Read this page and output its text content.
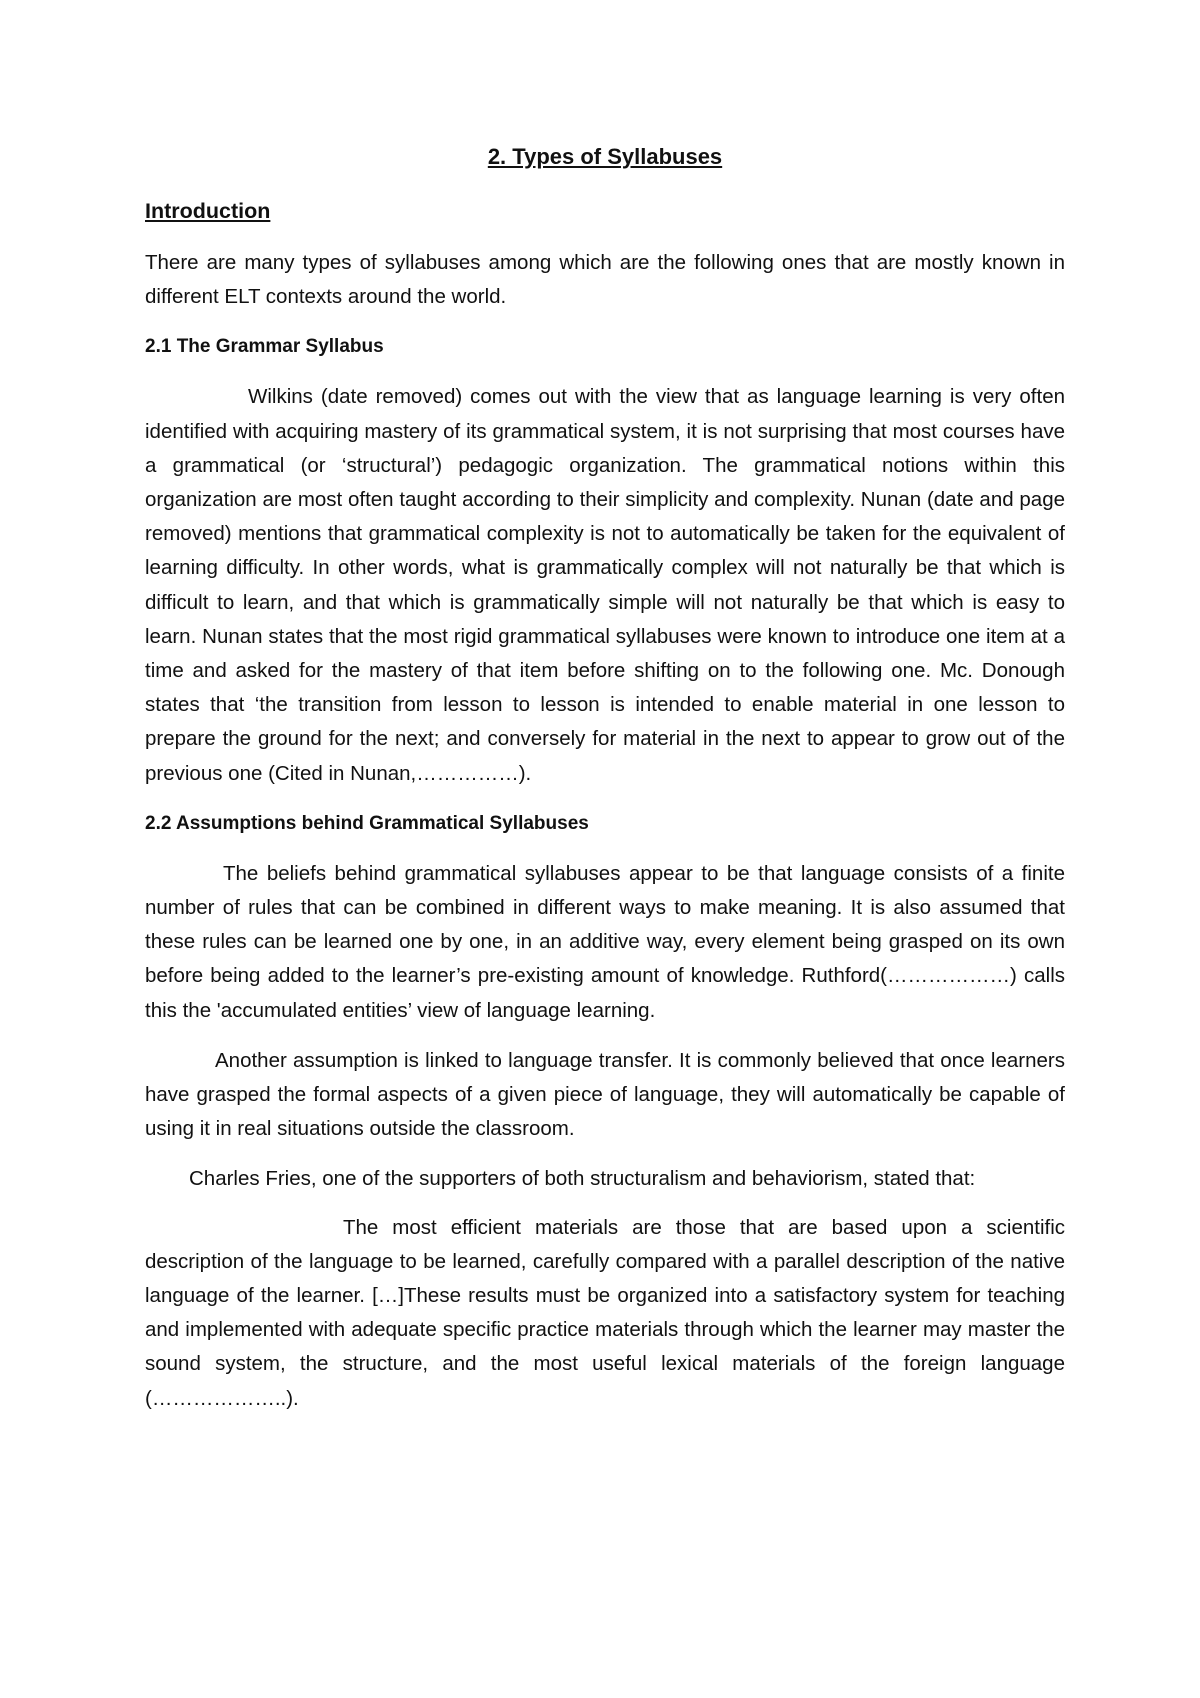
2. Types of Syllabuses
Introduction

There are many types of syllabuses among which are the following ones that are mostly known in different ELT contexts around the world.

2.1 The Grammar Syllabus

Wilkins (date removed) comes out with the view that as language learning is very often identified with acquiring mastery of its grammatical system, it is not surprising that most courses have a grammatical (or ‘structural’) pedagogic organization. The grammatical notions within this organization are most often taught according to their simplicity and complexity. Nunan (date and page removed) mentions that grammatical complexity is not to automatically be taken for the equivalent of learning difficulty. In other words, what is grammatically complex will not naturally be that which is difficult to learn, and that which is grammatically simple will not naturally be that which is easy to learn. Nunan states that the most rigid grammatical syllabuses were known to introduce one item at a time and asked for the mastery of that item before shifting on to the following one. Mc. Donough states that ‘the transition from lesson to lesson is intended to enable material in one lesson to prepare the ground for the next; and conversely for material in the next to appear to grow out of the previous one (Cited in Nunan,……………).

2.2 Assumptions behind Grammatical Syllabuses

The beliefs behind grammatical syllabuses appear to be that language consists of a finite number of rules that can be combined in different ways to make meaning. It is also assumed that these rules can be learned one by one, in an additive way, every element being grasped on its own before being added to the learner’s pre-existing amount of knowledge. Ruthford(………………) calls this the 'accumulated entities’ view of language learning.

Another assumption is linked to language transfer. It is commonly believed that once learners have grasped the formal aspects of a given piece of language, they will automatically be capable of using it in real situations outside the classroom.

Charles Fries, one of the supporters of both structuralism and behaviorism, stated that:

The most efficient materials are those that are based upon a scientific description of the language to be learned, carefully compared with a parallel description of the native language of the learner. […]These results must be organized into a satisfactory system for teaching and implemented with adequate specific practice materials through which the learner may master the sound system, the structure, and the most useful lexical materials of the foreign language (………………..).
